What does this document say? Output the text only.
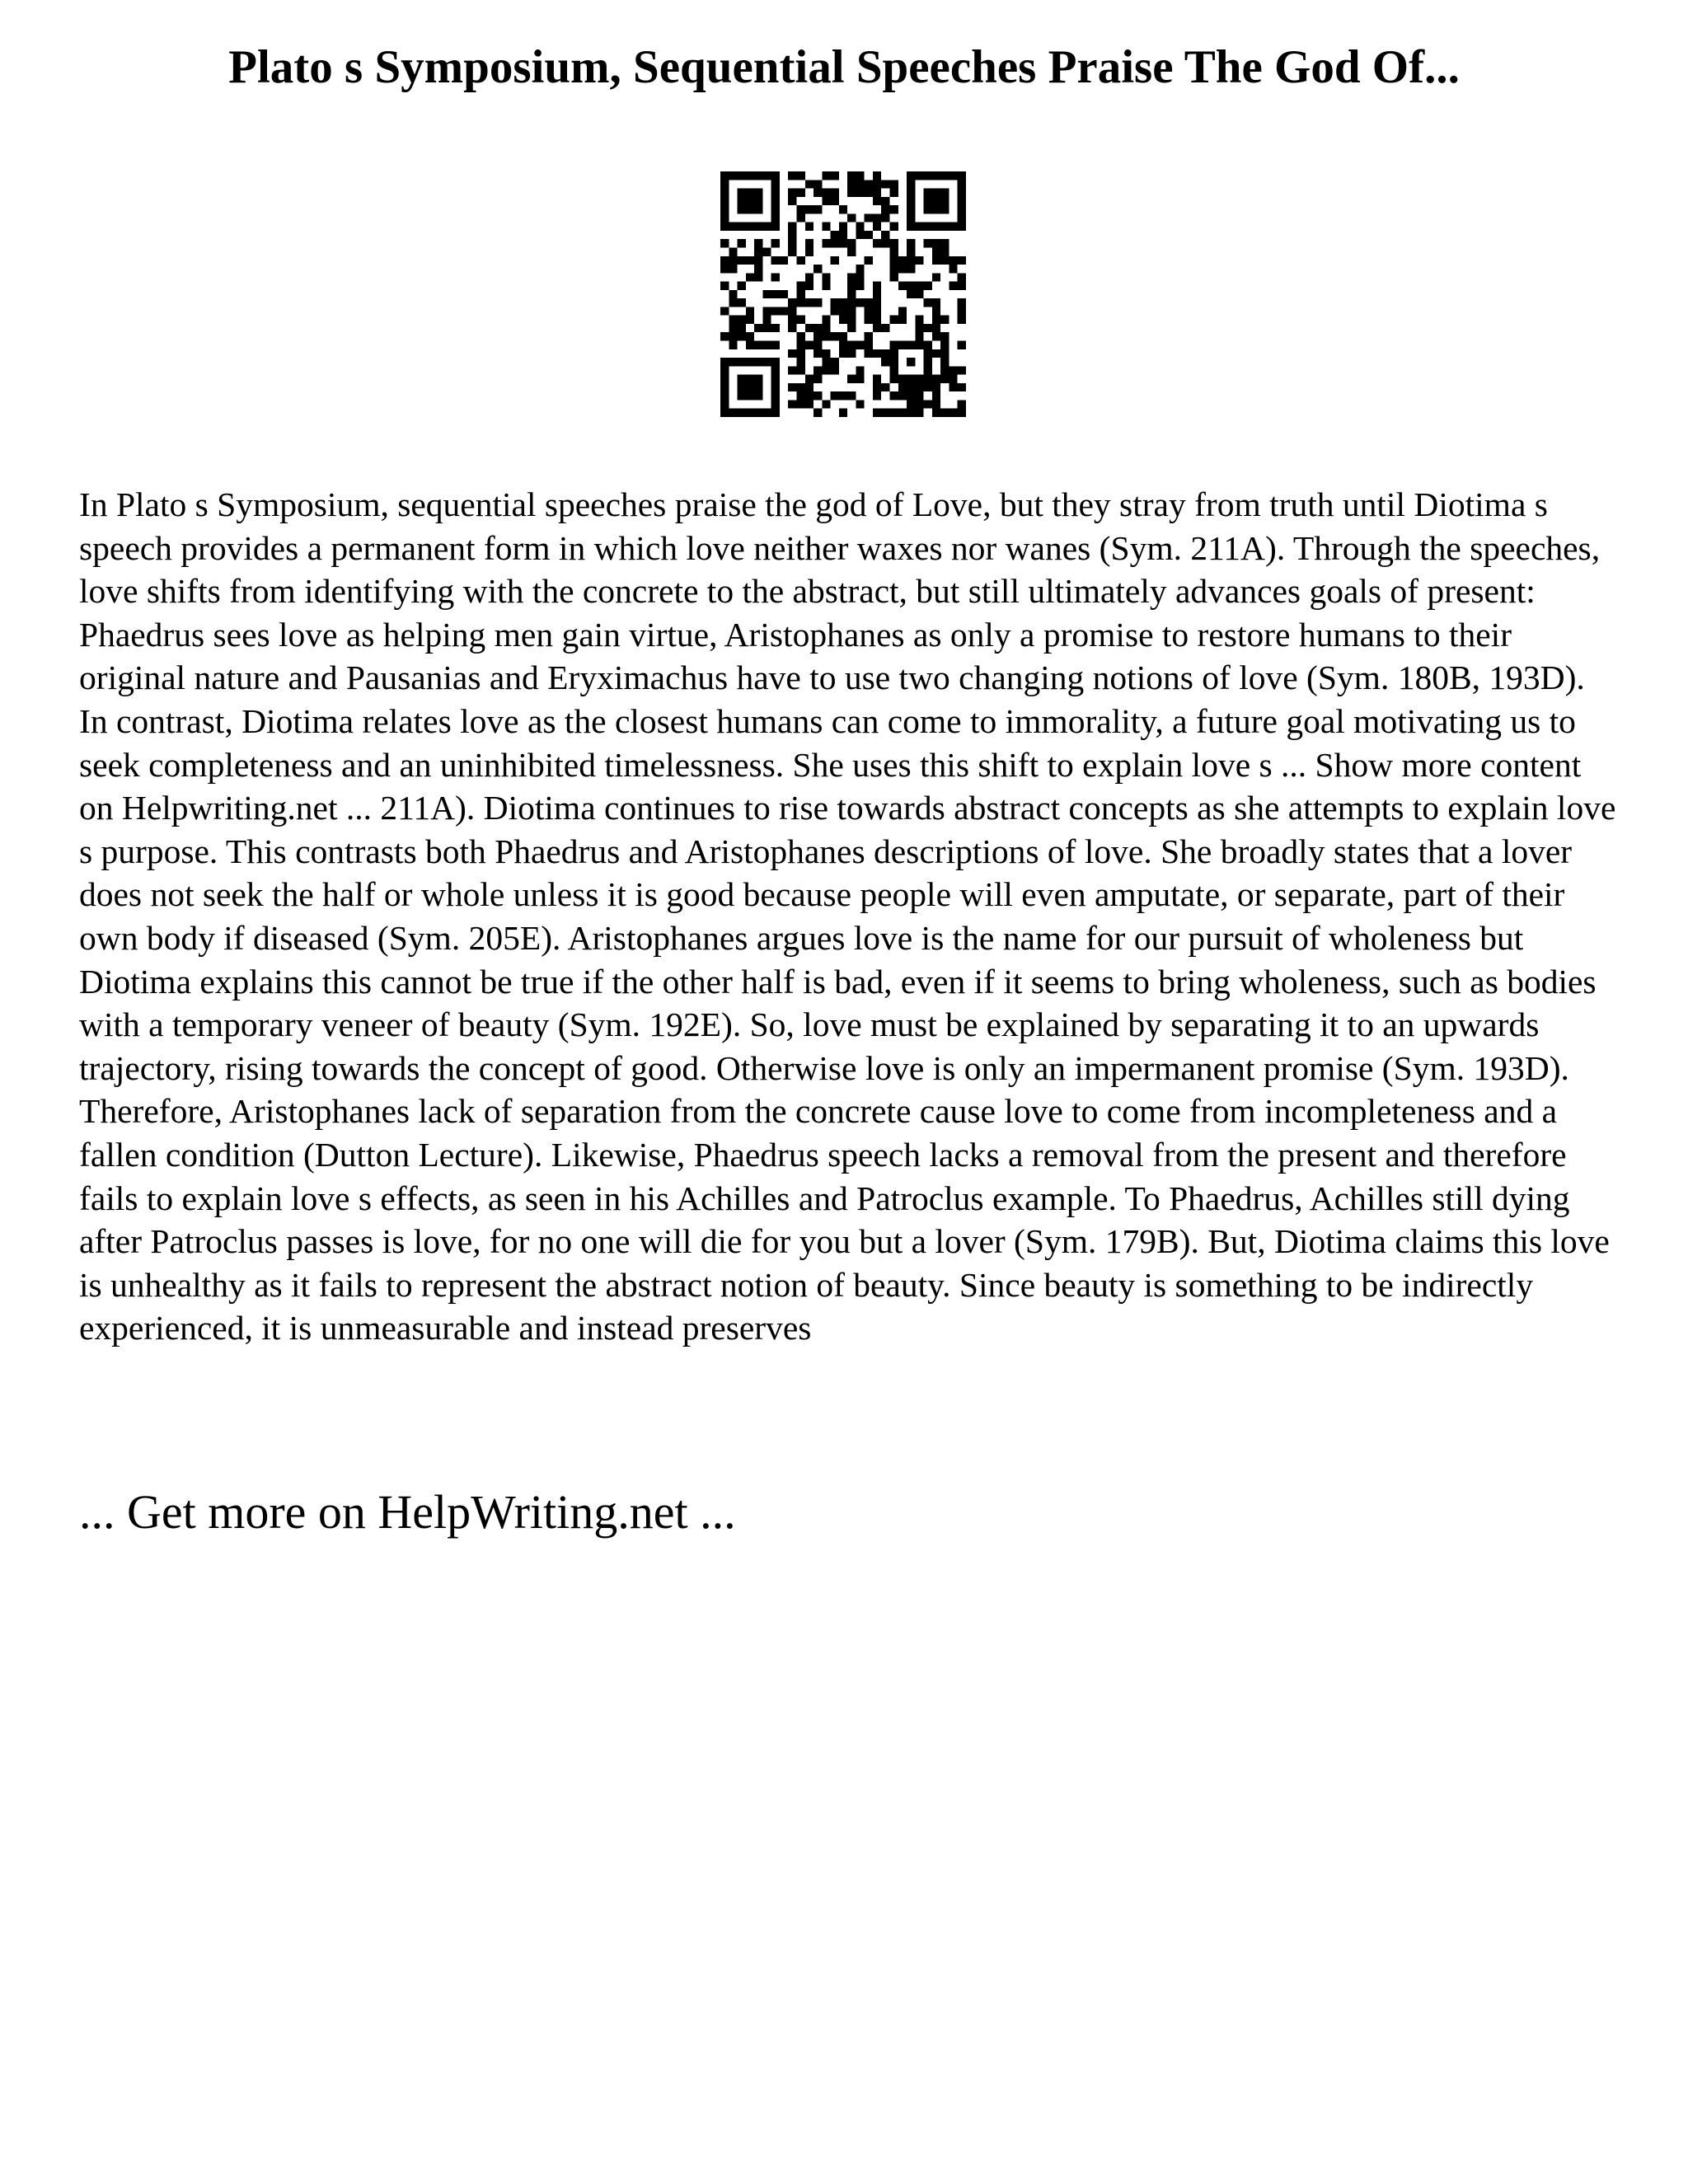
Plato s Symposium, Sequential Speeches Praise The God Of...

In Plato s Symposium, sequential speeches praise the god of Love, but they stray from truth until Diotima s speech provides a permanent form in which love neither waxes nor wanes (Sym. 211A). Through the speeches, love shifts from identifying with the concrete to the abstract, but still ultimately advances goals of present: Phaedrus sees love as helping men gain virtue, Aristophanes as only a promise to restore humans to their original nature and Pausanias and Eryximachus have to use two changing notions of love (Sym. 180B, 193D). In contrast, Diotima relates love as the closest humans can come to immorality, a future goal motivating us to seek completeness and an uninhibited timelessness. She uses this shift to explain love s ... Show more content on Helpwriting.net ... 211A). Diotima continues to rise towards abstract concepts as she attempts to explain love s purpose. This contrasts both Phaedrus and Aristophanes descriptions of love. She broadly states that a lover does not seek the half or whole unless it is good because people will even amputate, or separate, part of their own body if diseased (Sym. 205E). Aristophanes argues love is the name for our pursuit of wholeness but Diotima explains this cannot be true if the other half is bad, even if it seems to bring wholeness, such as bodies with a temporary veneer of beauty (Sym. 192E). So, love must be explained by separating it to an upwards trajectory, rising towards the concept of good. Otherwise love is only an impermanent promise (Sym. 193D). Therefore, Aristophanes lack of separation from the concrete cause love to come from incompleteness and a fallen condition (Dutton Lecture). Likewise, Phaedrus speech lacks a removal from the present and therefore fails to explain love s effects, as seen in his Achilles and Patroclus example. To Phaedrus, Achilles still dying after Patroclus passes is love, for no one will die for you but a lover (Sym. 179B). But, Diotima claims this love is unhealthy as it fails to represent the abstract notion of beauty. Since beauty is something to be indirectly experienced, it is unmeasurable and instead preserves

... Get more on HelpWriting.net ...
